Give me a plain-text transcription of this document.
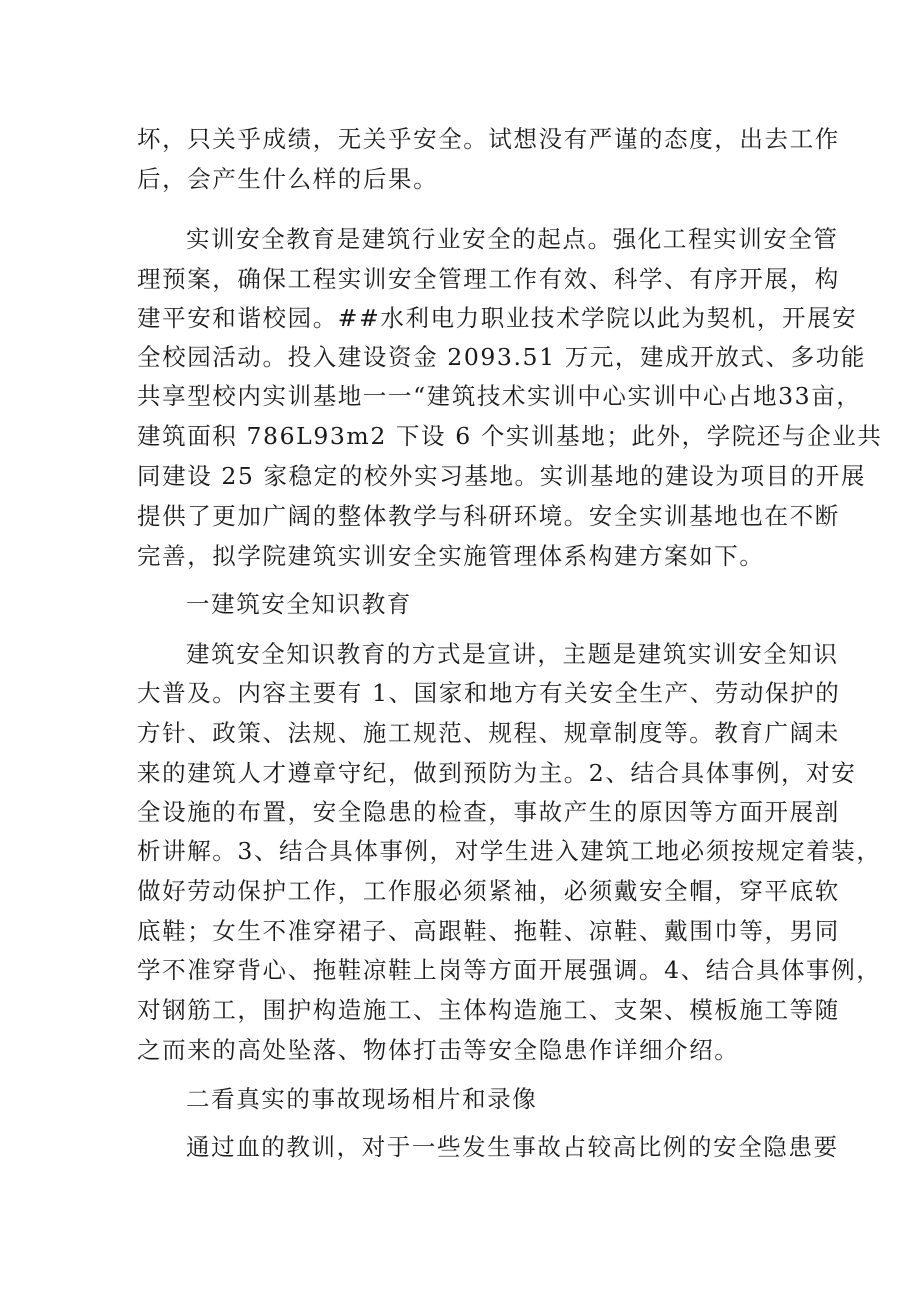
坏，只关乎成绩，无关乎安全。试想没有严谨的态度，出去工作
后，会产生什么样的后果。
实训安全教育是建筑行业安全的起点。强化工程实训安全管
理预案，确保工程实训安全管理工作有效、科学、有序开展，构
建平安和谐校园。##水利电力职业技术学院以此为契机，开展安
全校园活动。投入建设资金 2093.51 万元，建成开放式、多功能
共享型校内实训基地一一“建筑技术实训中心实训中心占地33亩，
建筑面积 786L93m2 下设 6 个实训基地；此外，学院还与企业共
同建设 25 家稳定的校外实习基地。实训基地的建设为项目的开展
提供了更加广阔的整体教学与科研环境。安全实训基地也在不断
完善，拟学院建筑实训安全实施管理体系构建方案如下。
一建筑安全知识教育
建筑安全知识教育的方式是宣讲，主题是建筑实训安全知识
大普及。内容主要有 1、国家和地方有关安全生产、劳动保护的
方针、政策、法规、施工规范、规程、规章制度等。教育广阔未
来的建筑人才遵章守纪，做到预防为主。2、结合具体事例，对安
全设施的布置，安全隐患的检查，事故产生的原因等方面开展剖
析讲解。3、结合具体事例，对学生进入建筑工地必须按规定着装，
做好劳动保护工作，工作服必须紧袖，必须戴安全帽，穿平底软
底鞋；女生不准穿裙子、高跟鞋、拖鞋、凉鞋、戴围巾等，男同
学不准穿背心、拖鞋凉鞋上岗等方面开展强调。4、结合具体事例，
对钢筋工，围护构造施工、主体构造施工、支架、模板施工等随
之而来的高处坠落、物体打击等安全隐患作详细介绍。
二看真实的事故现场相片和录像
通过血的教训，对于一些发生事故占较高比例的安全隐患要
